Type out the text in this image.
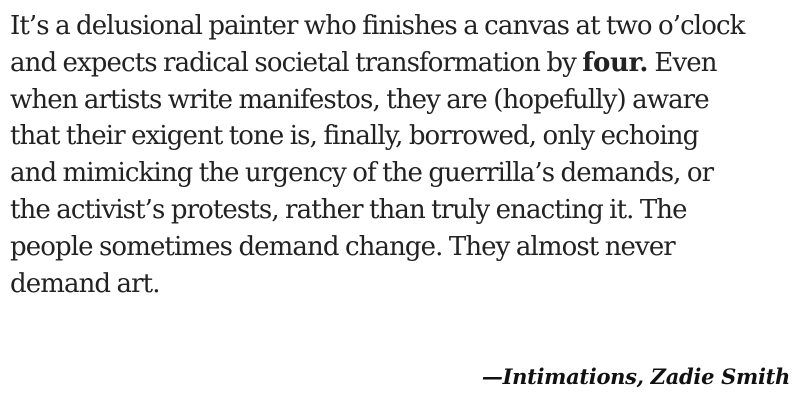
It’s a delusional painter who finishes a canvas at two o’clock
and expects radical societal transformation by four. Even
when artists write manifestos, they are (hopefully) aware
that their exigent tone is, finally, borrowed, only echoing
and mimicking the urgency of the guerrilla’s demands, or
the activist’s protests, rather than truly enacting it. The
people sometimes demand change. They almost never
demand art.

—Intimations, Zadie Smith
